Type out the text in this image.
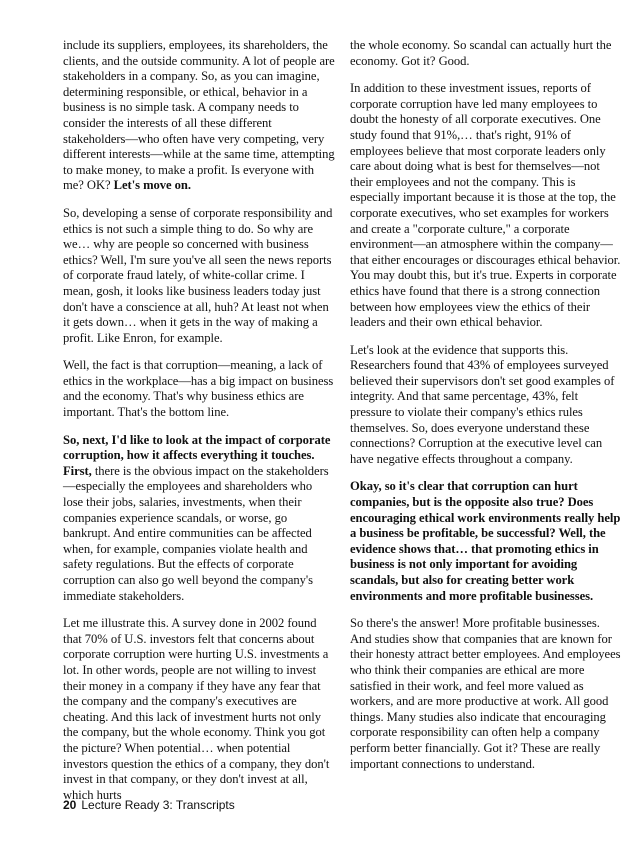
include its suppliers, employees, its shareholders, the clients, and the outside community. A lot of people are stakeholders in a company. So, as you can imagine, determining responsible, or ethical, behavior in a business is no simple task. A company needs to consider the interests of all these different stakeholders—who often have very competing, very different interests—while at the same time, attempting to make money, to make a profit. Is everyone with me? OK? Let's move on.

So, developing a sense of corporate responsibility and ethics is not such a simple thing to do. So why are we… why are people so concerned with business ethics? Well, I'm sure you've all seen the news reports of corporate fraud lately, of white-collar crime. I mean, gosh, it looks like business leaders today just don't have a conscience at all, huh? At least not when it gets down… when it gets in the way of making a profit. Like Enron, for example.

Well, the fact is that corruption—meaning, a lack of ethics in the workplace—has a big impact on business and the economy. That's why business ethics are important. That's the bottom line.

So, next, I'd like to look at the impact of corporate corruption, how it affects everything it touches. First, there is the obvious impact on the stakeholders—especially the employees and shareholders who lose their jobs, salaries, investments, when their companies experience scandals, or worse, go bankrupt. And entire communities can be affected when, for example, companies violate health and safety regulations. But the effects of corporate corruption can also go well beyond the company's immediate stakeholders.

Let me illustrate this. A survey done in 2002 found that 70% of U.S. investors felt that concerns about corporate corruption were hurting U.S. investments a lot. In other words, people are not willing to invest their money in a company if they have any fear that the company and the company's executives are cheating. And this lack of investment hurts not only the company, but the whole economy. Think you got the picture? When potential… when potential investors question the ethics of a company, they don't invest in that company, or they don't invest at all, which hurts

the whole economy. So scandal can actually hurt the economy. Got it? Good.

In addition to these investment issues, reports of corporate corruption have led many employees to doubt the honesty of all corporate executives. One study found that 91%,… that's right, 91% of employees believe that most corporate leaders only care about doing what is best for themselves—not their employees and not the company. This is especially important because it is those at the top, the corporate executives, who set examples for workers and create a "corporate culture," a corporate environment—an atmosphere within the company—that either encourages or discourages ethical behavior. You may doubt this, but it's true. Experts in corporate ethics have found that there is a strong connection between how employees view the ethics of their leaders and their own ethical behavior.

Let's look at the evidence that supports this. Researchers found that 43% of employees surveyed believed their supervisors don't set good examples of integrity. And that same percentage, 43%, felt pressure to violate their company's ethics rules themselves. So, does everyone understand these connections? Corruption at the executive level can have negative effects throughout a company.

Okay, so it's clear that corruption can hurt companies, but is the opposite also true? Does encouraging ethical work environments really help a business be profitable, be successful? Well, the evidence shows that… that promoting ethics in business is not only important for avoiding scandals, but also for creating better work environments and more profitable businesses.

So there's the answer! More profitable businesses. And studies show that companies that are known for their honesty attract better employees. And employees who think their companies are ethical are more satisfied in their work, and feel more valued as workers, and are more productive at work. All good things. Many studies also indicate that encouraging corporate responsibility can often help a company perform better financially. Got it? These are really important connections to understand.

20 Lecture Ready 3: Transcripts
